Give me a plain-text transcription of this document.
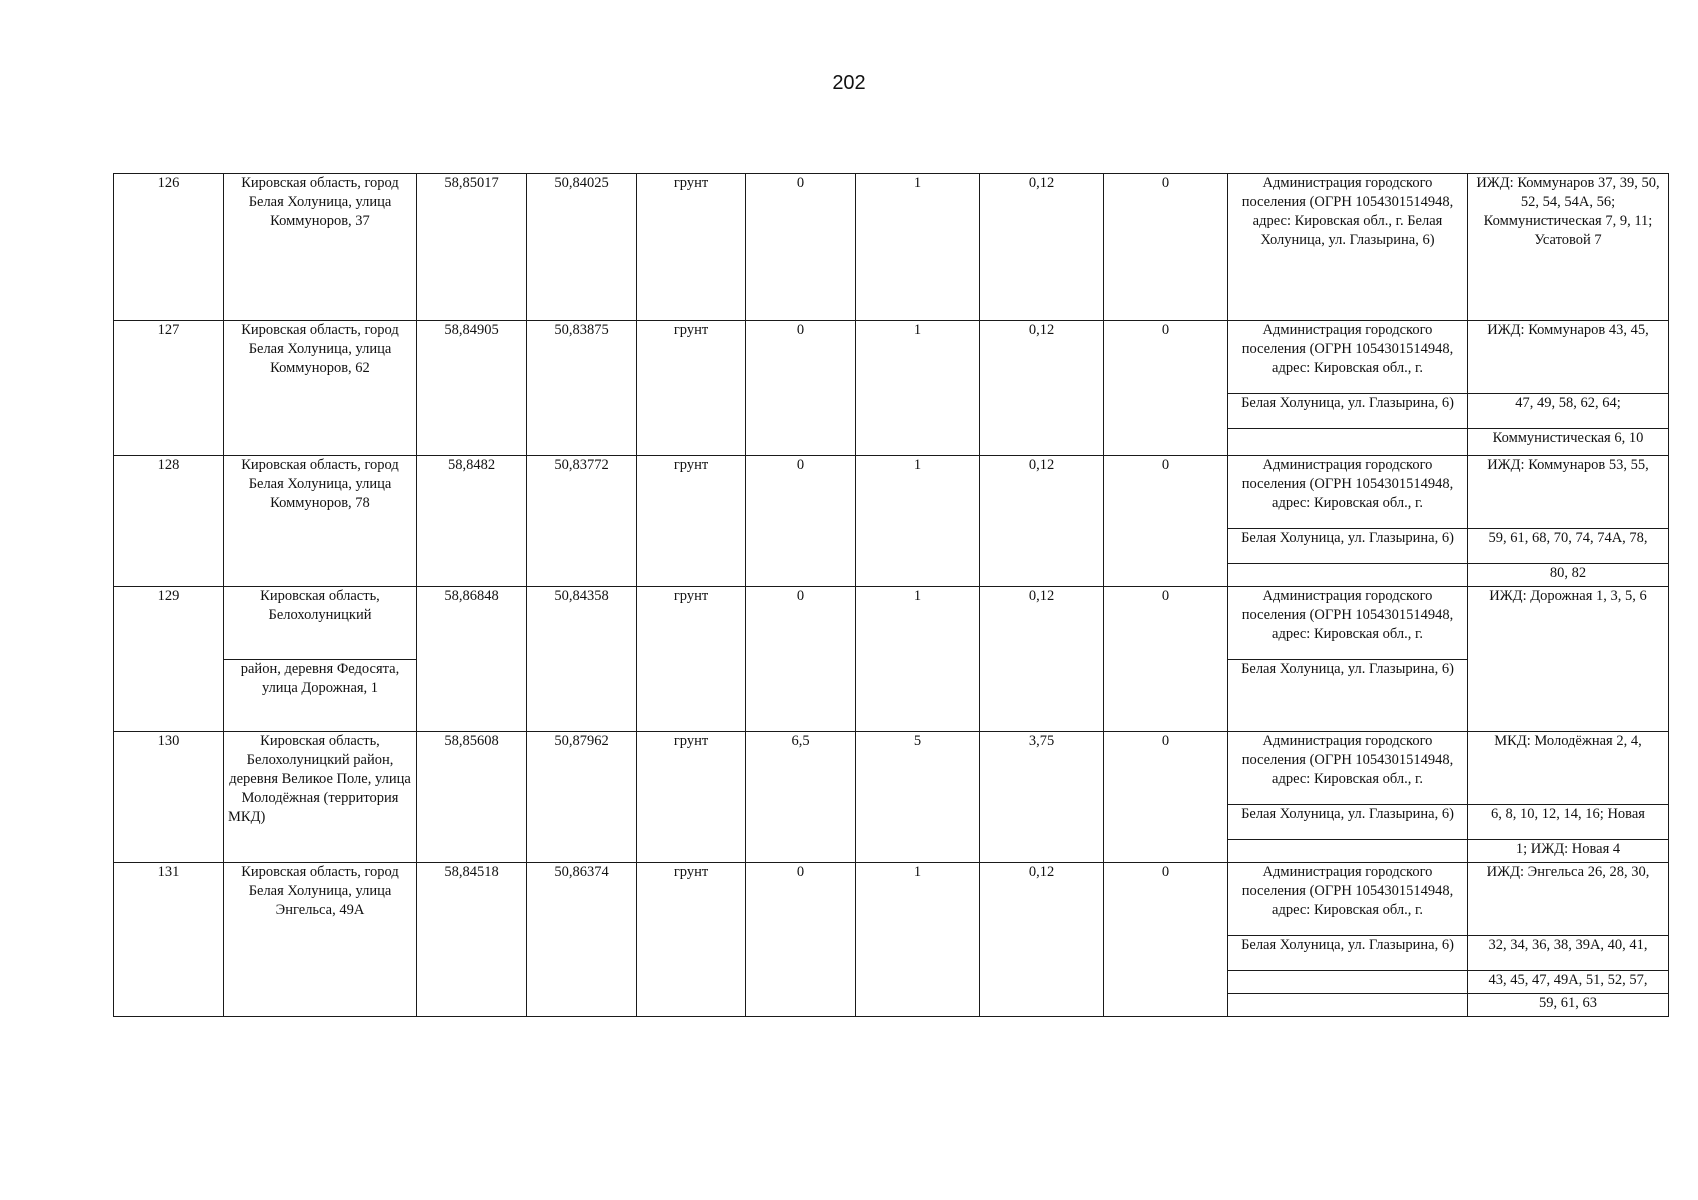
202
126	Кировская область, город Белая Холуница, улица Коммуноров, 37	58,85017	50,84025	грунт	0	1	0,12	0	Администрация городского поселения (ОГРН 1054301514948, адрес: Кировская обл., г. Белая Холуница, ул. Глазырина, 6)	ИЖД: Коммунаров 37, 39, 50, 52, 54, 54А, 56; Коммунистическая 7, 9, 11; Усатовой 7
127	Кировская область, город Белая Холуница, улица Коммуноров, 62	58,84905	50,83875	грунт	0	1	0,12	0	Администрация городского поселения (ОГРН 1054301514948, адрес: Кировская обл., г.	ИЖД: Коммунаров 43, 45,
									Белая Холуница, ул. Глазырина, 6)	47, 49, 58, 62, 64;
										Коммунистическая 6, 10
128	Кировская область, город Белая Холуница, улица Коммуноров, 78	58,8482	50,83772	грунт	0	1	0,12	0	Администрация городского поселения (ОГРН 1054301514948, адрес: Кировская обл., г.	ИЖД: Коммунаров 53, 55,
									Белая Холуница, ул. Глазырина, 6)	59, 61, 68, 70, 74, 74А, 78,
										80, 82
129	Кировская область, Белохолуницкий	58,86848	50,84358	грунт	0	1	0,12	0	Администрация городского поселения (ОГРН 1054301514948, адрес: Кировская обл., г.	ИЖД: Дорожная 1, 3, 5, 6
	район, деревня Федосята, улица Дорожная, 1								Белая Холуница, ул. Глазырина, 6)	
130	Кировская область, Белохолуницкий район, деревня Великое Поле, улица Молодёжная (территория МКД)	58,85608	50,87962	грунт	6,5	5	3,75	0	Администрация городского поселения (ОГРН 1054301514948, адрес: Кировская обл., г.	МКД: Молодёжная 2, 4,
									Белая Холуница, ул. Глазырина, 6)	6, 8, 10, 12, 14, 16; Новая
										1; ИЖД: Новая 4
131	Кировская область, город Белая Холуница, улица Энгельса, 49А	58,84518	50,86374	грунт	0	1	0,12	0	Администрация городского поселения (ОГРН 1054301514948, адрес: Кировская обл., г.	ИЖД: Энгельса 26, 28, 30,
									Белая Холуница, ул. Глазырина, 6)	32, 34, 36, 38, 39А, 40, 41,
										43, 45, 47, 49А, 51, 52, 57,
										59, 61, 63
